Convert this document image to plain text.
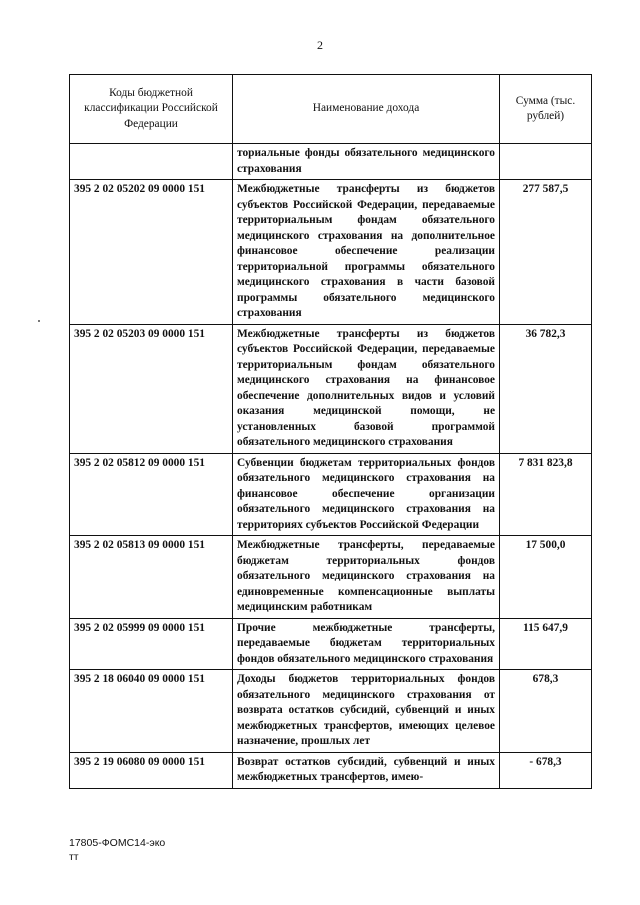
2
Коды бюджетной классификации Российской Федерации	Наименование дохода	Сумма (тыс. рублей)
	ториальные фонды обязательного медицинского страхования	
395 2 02 05202 09 0000 151	Межбюджетные трансферты из бюджетов субъектов Российской Федерации, передаваемые территориальным фондам обязательного медицинского страхования на дополнительное финансовое обеспечение реализации территориальной программы обязательного медицинского страхования в части базовой программы обязательного медицинского страхования	277 587,5
395 2 02 05203 09 0000 151	Межбюджетные трансферты из бюджетов субъектов Российской Федерации, передаваемые территориальным фондам обязательного медицинского страхования на финансовое обеспечение дополнительных видов и условий оказания медицинской помощи, не установленных базовой программой обязательного медицинского страхования	36 782,3
395 2 02 05812 09 0000 151	Субвенции бюджетам территориальных фондов обязательного медицинского страхования на финансовое обеспечение организации обязательного медицинского страхования на территориях субъектов Российской Федерации	7 831 823,8
395 2 02 05813 09 0000 151	Межбюджетные трансферты, передаваемые бюджетам территориальных фондов обязательного медицинского страхования на единовременные компенсационные выплаты медицинским работникам	17 500,0
395 2 02 05999 09 0000 151	Прочие межбюджетные трансферты, передаваемые бюджетам территориальных фондов обязательного медицинского страхования	115 647,9
395 2 18 06040 09 0000 151	Доходы бюджетов территориальных фондов обязательного медицинского страхования от возврата остатков субсидий, субвенций и иных межбюджетных трансфертов, имеющих целевое назначение, прошлых лет	678,3
395 2 19 06080 09 0000 151	Возврат остатков субсидий, субвенций и иных межбюджетных трансфертов, имею-	- 678,3
17805-ФОМС14-эко
тт
